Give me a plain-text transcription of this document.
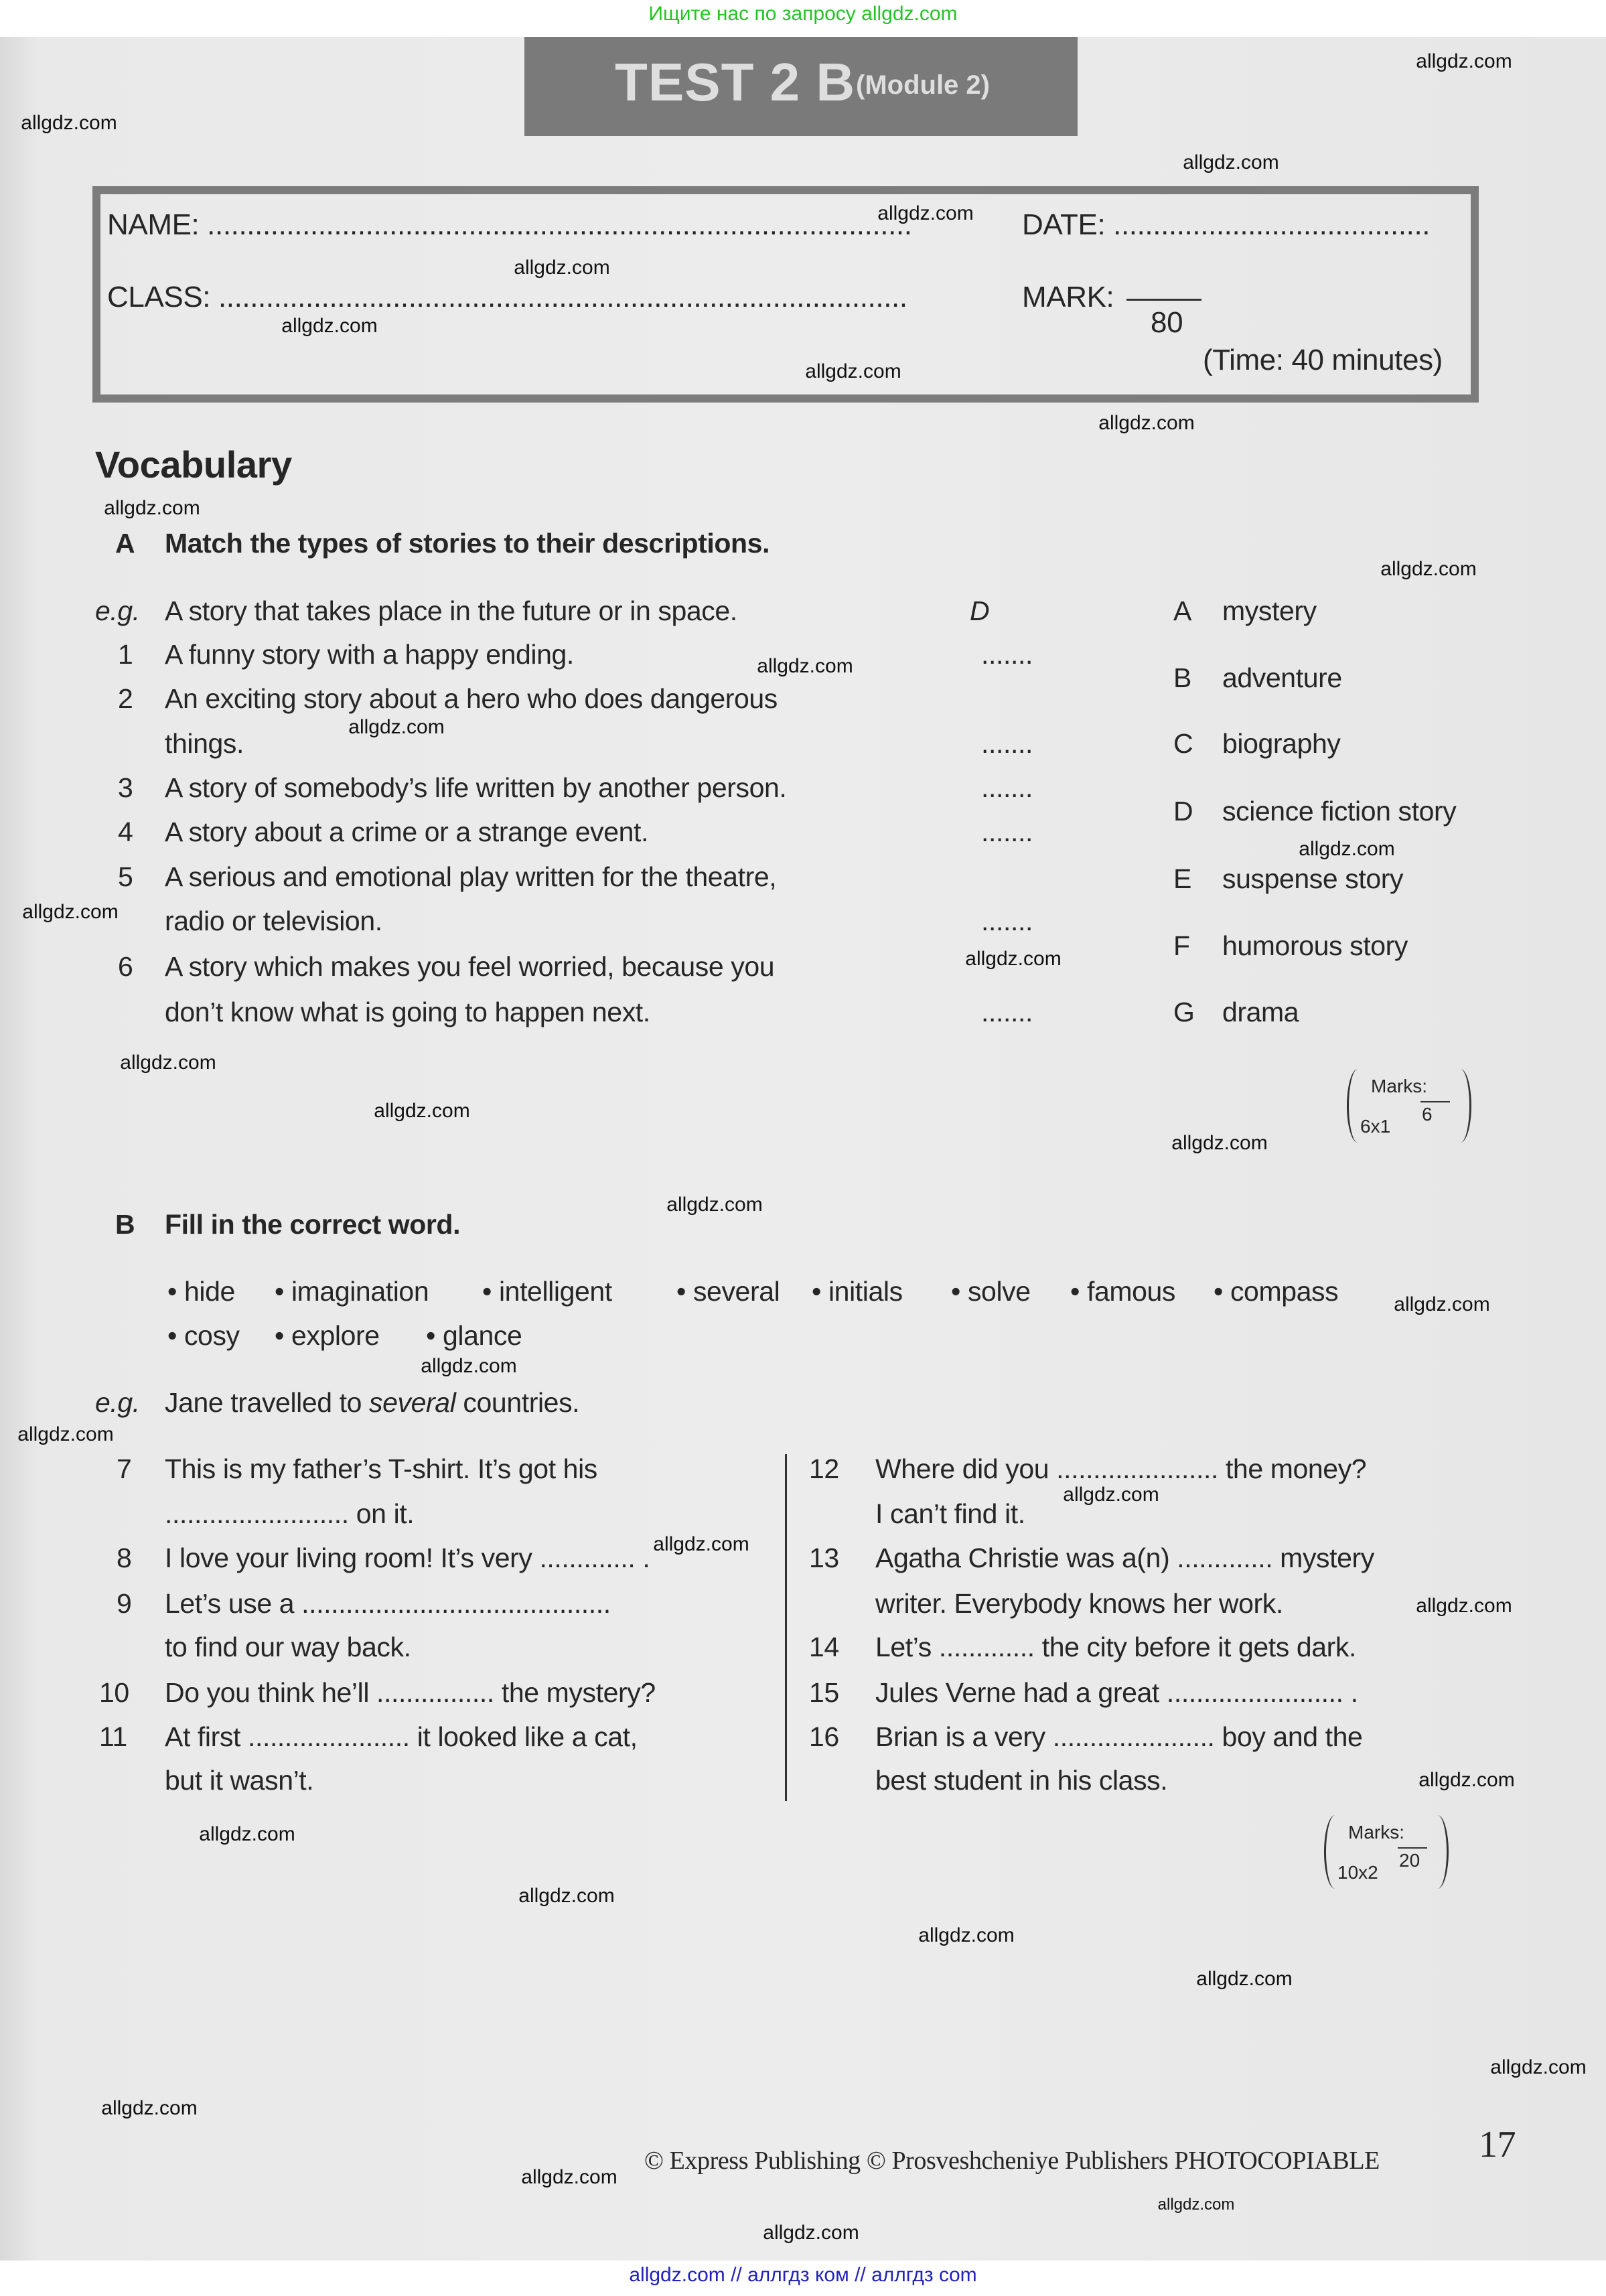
Ищите нас по запросу allgdz.com
TEST 2 B (Module 2)
NAME: .........................................................................................	DATE: ........................................
CLASS: .......................................................................................	MARK:
80
(Time: 40 minutes)
Vocabulary
A Match the types of stories to their descriptions.
e.g. A story that takes place in the future or in space.	D
1 A funny story with a happy ending.	.......
2 An exciting story about a hero who does dangerous
things.	.......
3 A story of somebody’s life written by another person.	.......
4 A story about a crime or a strange event.	.......
5 A serious and emotional play written for the theatre,
radio or television.	.......
6 A story which makes you feel worried, because you
don’t know what is going to happen next.	.......
A mystery
B adventure
C biography
D science fiction story
E suspense story
F humorous story
G drama
Marks:
6
6x1
B Fill in the correct word.
• hide • imagination • intelligent • several • initials • solve • famous • compass
• cosy • explore • glance
e.g. Jane travelled to several countries.
7 This is my father’s T-shirt. It’s got his
......................... on it.
8 I love your living room! It’s very ............. .
9 Let’s use a ..........................................
to find our way back.
10 Do you think he’ll ................ the mystery?
11 At first ...................... it looked like a cat,
but it wasn’t.
12 Where did you ...................... the money?
I can’t find it.
13 Agatha Christie was a(n) ............. mystery
writer. Everybody knows her work.
14 Let’s ............. the city before it gets dark.
15 Jules Verne had a great ........................ .
16 Brian is a very ...................... boy and the
best student in his class.
Marks:
20
10x2
© Express Publishing © Prosveshcheniye Publishers PHOTOCOPIABLE	17
allgdz.com
allgdz.com
allgdz.com
allgdz.com
allgdz.com
allgdz.com
allgdz.com
allgdz.com
allgdz.com
allgdz.com
allgdz.com
allgdz.com
allgdz.com
allgdz.com
allgdz.com
allgdz.com
allgdz.com
allgdz.com
allgdz.com
allgdz.com
allgdz.com
allgdz.com
allgdz.com
allgdz.com
allgdz.com
allgdz.com
allgdz.com
allgdz.com
allgdz.com
allgdz.com
allgdz.com
allgdz.com
allgdz.com
allgdz.com
allgdz.com
allgdz.com // аллгдз ком // аллгдз com
